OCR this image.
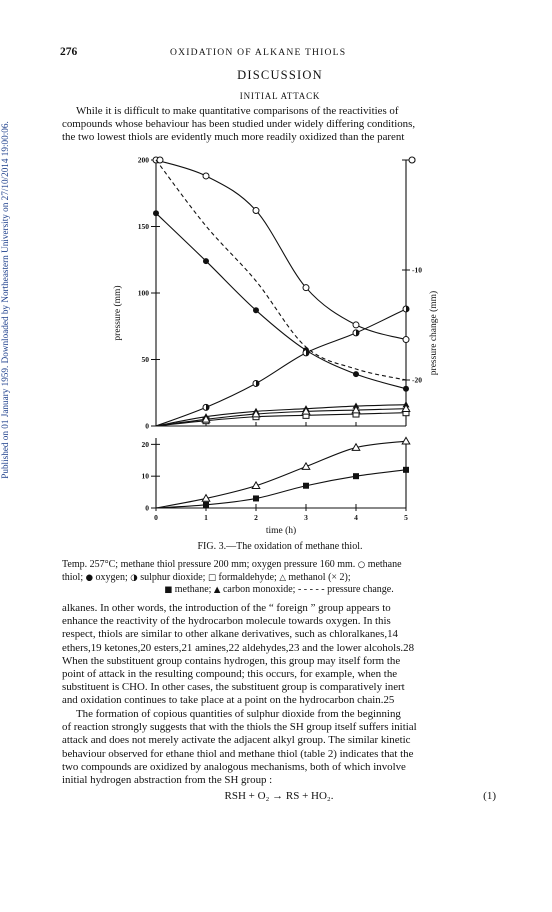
Published on 01 January 1959. Downloaded by Northeastern University on 27/10/2014 19:00:06.
276	OXIDATION OF ALKANE THIOLS
DISCUSSION
INITIAL ATTACK
While it is difficult to make quantitative comparisons of the reactivities of
compounds whose behaviour has been studied under widely differing conditions,
the two lowest thiols are evidently much more readily oxidized than the parent
200
150
100
50
0
-10
-20
20
10
0
0	1	2	3	4	5
time (h)
pressure (mm)	pressure change (mm)
FIG. 3.—The oxidation of methane thiol.
Temp. 257°C; methane thiol pressure 200 mm; oxygen pressure 160 mm. ○ methane
thiol; ● oxygen; ◑ sulphur dioxide; □ formaldehyde; △ methanol (× 2);
■ methane; ▲ carbon monoxide; - - - - - pressure change.
alkanes. In other words, the introduction of the “ foreign ” group appears to
enhance the reactivity of the hydrocarbon molecule towards oxygen. In this
respect, thiols are similar to other alkane derivatives, such as chloralkanes,14
ethers,19 ketones,20 esters,21 amines,22 aldehydes,23 and the lower alcohols.28
When the substituent group contains hydrogen, this group may itself form the
point of attack in the resulting compound; this occurs, for example, when the
substituent is CHO. In other cases, the substituent group is comparatively inert
and oxidation continues to take place at a point on the hydrocarbon chain.25
The formation of copious quantities of sulphur dioxide from the beginning
of reaction strongly suggests that with the thiols the SH group itself suffers initial
attack and does not merely activate the adjacent alkyl group. The similar kinetic
behaviour observed for ethane thiol and methane thiol (table 2) indicates that the
two compounds are oxidized by analogous mechanisms, both of which involve
initial hydrogen abstraction from the SH group :
RSH + O₂ → RS + HO₂.	(1)
